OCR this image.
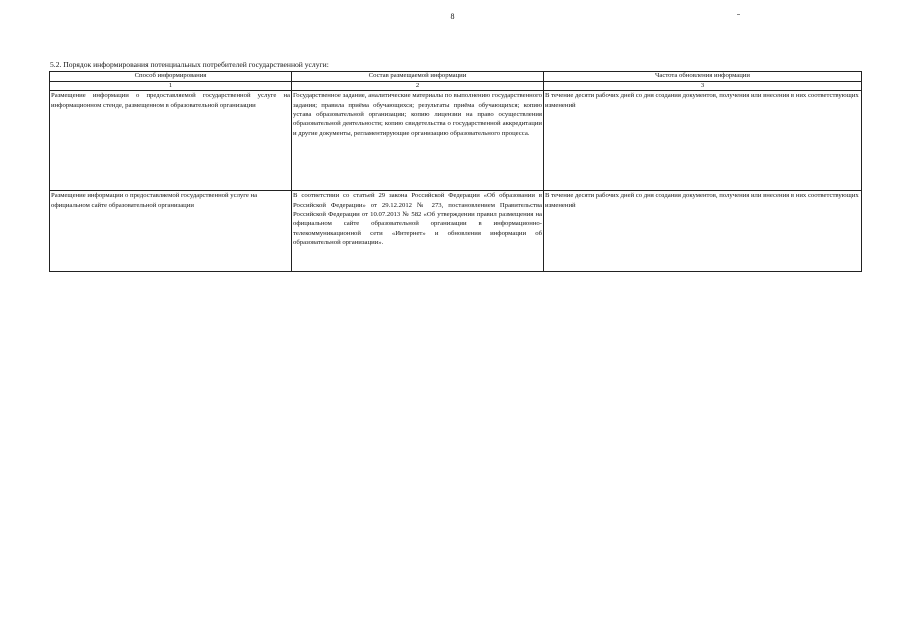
8
5.2. Порядок информирования потенциальных потребителей государственной услуги:
Способ информирования	Состав размещаемой информации	Частота обновления информации
1	2	3
Размещение информации о предоставляемой государственной услуге на информационном стенде, размещенном в образовательной организации	Государственное задание, аналитические материалы по выполнению государственного задания; правила приёма обучающихся; результаты приёма обучающихся; копию устава образовательной организации; копию лицензии на право осуществления образовательной деятельности; копию свидетельства о государственной аккредитации и другие документы, регламентирующие организацию образовательного процесса.	В течение десяти рабочих дней со дня создания документов, получения или внесения в них соответствующих изменений
Размещение информации о предоставляемой государственной услуге на официальном сайте образовательной организации	В соответствии со статьей 29 закона Российской Федерации «Об образовании в Российской Федерации» от 29.12.2012 № 273, постановлением Правительства Российской Федерации от 10.07.2013 № 582 «Об утверждении правил размещения на официальном сайте образовательной организации в информационно-телекоммуникационной сети «Интернет» и обновления информации об образовательной организации».	В течение десяти рабочих дней со дня создания документов, получения или внесения в них соответствующих изменений
